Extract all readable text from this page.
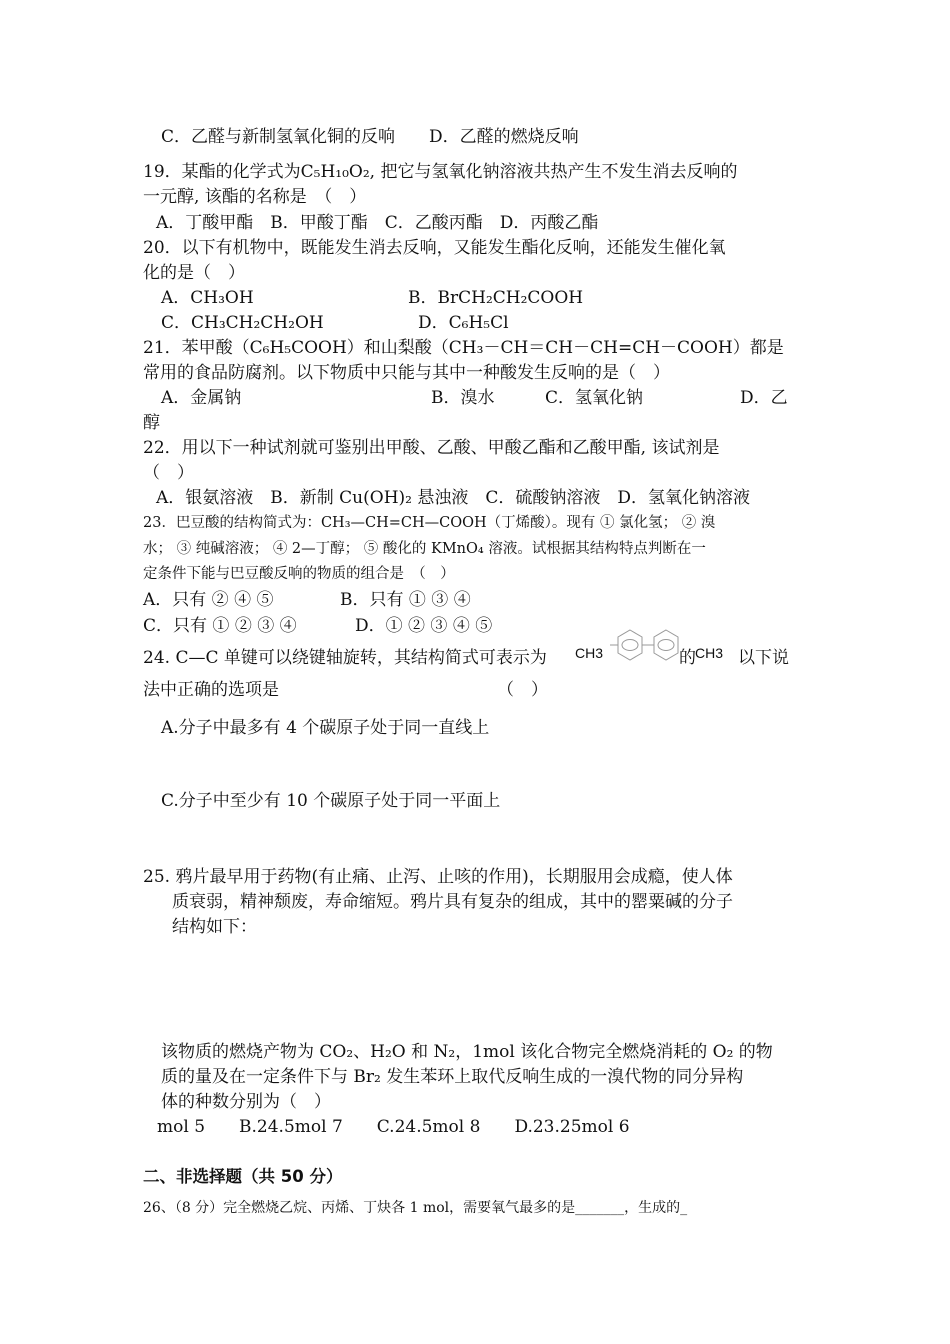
C．乙醛与新制氢氧化铜的反响　　D．乙醛的燃烧反响
19．某酯的化学式为C₅H₁₀O₂, 把它与氢氧化钠溶液共热产生不发生消去反响的
一元醇, 该酯的名称是　（　）
A．丁酸甲酯　B．甲酸丁酯　C．乙酸丙酯　D．丙酸乙酯
20．以下有机物中，既能发生消去反响，又能发生酯化反响，还能发生催化氧
化的是（　）
A．CH₃OH	B．BrCH₂CH₂COOH
C．CH₃CH₂CH₂OH	D．C₆H₅Cl
21．苯甲酸（C₆H₅COOH）和山梨酸（CH₃－CH＝CH－CH=CH－COOH）都是
常用的食品防腐剂。以下物质中只能与其中一种酸发生反响的是（　）
A．金属钠	B．溴水	C．氢氧化钠	D．乙
醇
22．用以下一种试剂就可鉴别出甲酸、乙酸、甲酸乙酯和乙酸甲酯, 该试剂是
（　）
A．银氨溶液　B．新制 Cu(OH)₂ 悬浊液　C．硫酸钠溶液　D．氢氧化钠溶液
23．巴豆酸的结构简式为：CH₃—CH=CH—COOH（丁烯酸）。现有 ① 氯化氢； ② 溴
水； ③ 纯碱溶液； ④ 2—丁醇； ⑤ 酸化的 KMnO₄ 溶液。试根据其结构特点判断在一
定条件下能与巴豆酸反响的物质的组合是　（　）
A．只有 ② ④ ⑤	B．只有 ① ③ ④
C．只有 ① ② ③ ④	D．① ② ③ ④ ⑤
24. C—C 单键可以绕键轴旋转，其结构简式可表示为 CH3	的 CH3 以下说
法中正确的选项是	（　）
A.分子中最多有 4 个碳原子处于同一直线上
C.分子中至少有 10 个碳原子处于同一平面上
25. 鸦片最早用于药物(有止痛、止泻、止咳的作用)，长期服用会成瘾，使人体
质衰弱，精神颓废，寿命缩短。鸦片具有复杂的组成，其中的罂粟碱的分子
结构如下：
该物质的燃烧产物为 CO₂、H₂O 和 N₂，1mol 该化合物完全燃烧消耗的 O₂ 的物
质的量及在一定条件下与 Br₂ 发生苯环上取代反响生成的一溴代物的同分异构
体的种数分别为（　）
mol 5　　B.24.5mol 7　　C.24.5mol 8　　D.23.25mol 6
二、非选择题（共 50 分）
26、（8 分）完全燃烧乙烷、丙烯、丁炔各 1 mol，需要氧气最多的是_______，生成的_
